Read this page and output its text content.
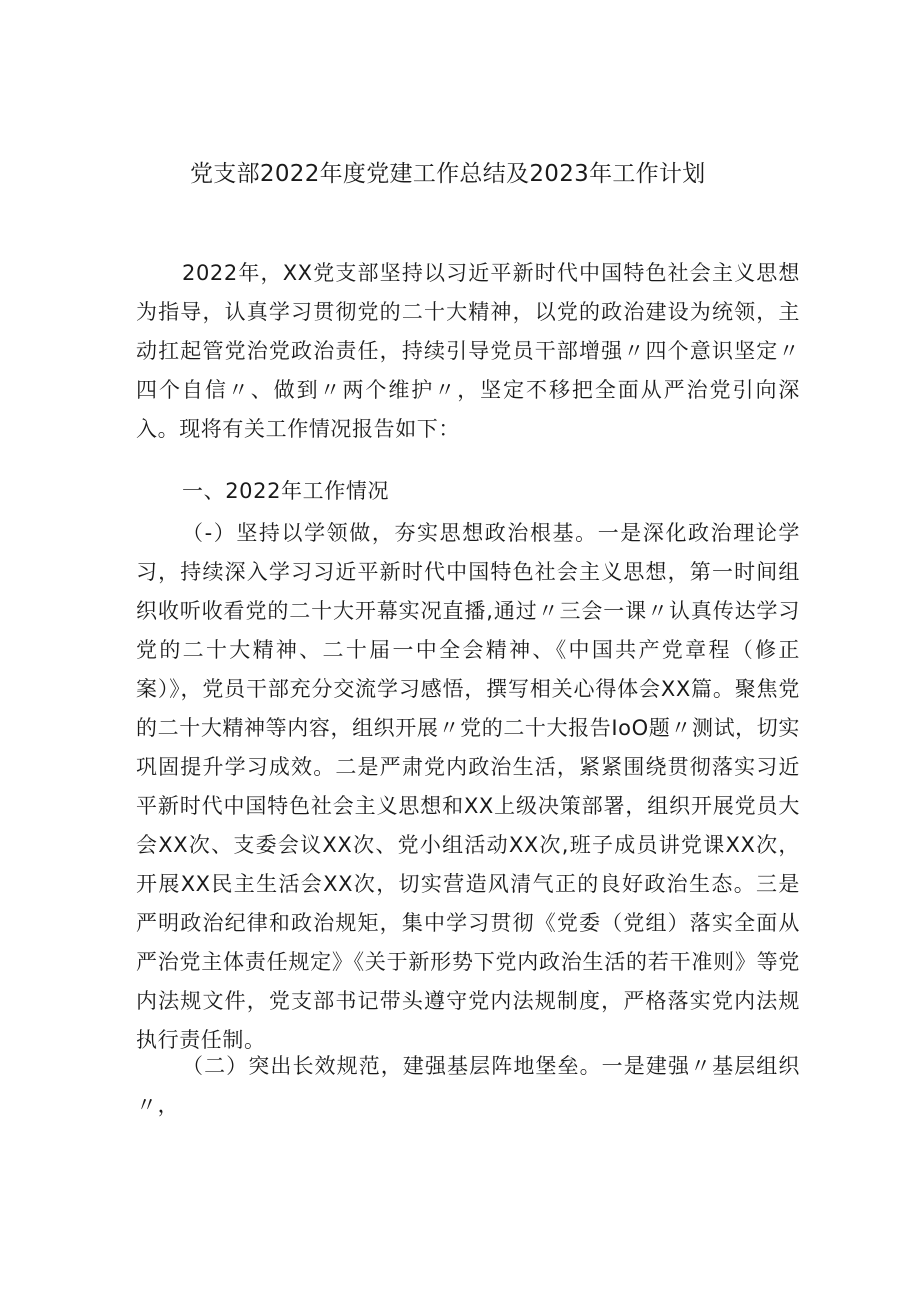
党支部2022年度党建工作总结及2023年工作计划

2022年，XX党支部坚持以习近平新时代中国特色社会主义思想为指导，认真学习贯彻党的二十大精神，以党的政治建设为统领，主动扛起管党治党政治责任，持续引导党员干部增强〃四个意识坚定〃四个自信〃、做到〃两个维护〃，坚定不移把全面从严治党引向深入。现将有关工作情况报告如下：

一、2022年工作情况

（-）坚持以学领做，夯实思想政治根基。一是深化政治理论学习，持续深入学习习近平新时代中国特色社会主义思想，第一时间组织收听收看党的二十大开幕实况直播,通过〃三会一课〃认真传达学习党的二十大精神、二十届一中全会精神、《中国共产党章程（修正案）》，党员干部充分交流学习感悟，撰写相关心得体会XX篇。聚焦党的二十大精神等内容，组织开展〃党的二十大报告IoO题〃测试，切实巩固提升学习成效。二是严肃党内政治生活，紧紧围绕贯彻落实习近平新时代中国特色社会主义思想和XX上级决策部署，组织开展党员大会XX次、支委会议XX次、党小组活动XX次,班子成员讲党课XX次，开展XX民主生活会XX次，切实营造风清气正的良好政治生态。三是严明政治纪律和政治规矩，集中学习贯彻《党委（党组）落实全面从严治党主体责任规定》《关于新形势下党内政治生活的若干准则》等党内法规文件，党支部书记带头遵守党内法规制度，严格落实党内法规执行责任制。

（二）突出长效规范，建强基层阵地堡垒。一是建强〃基层组织〃，
